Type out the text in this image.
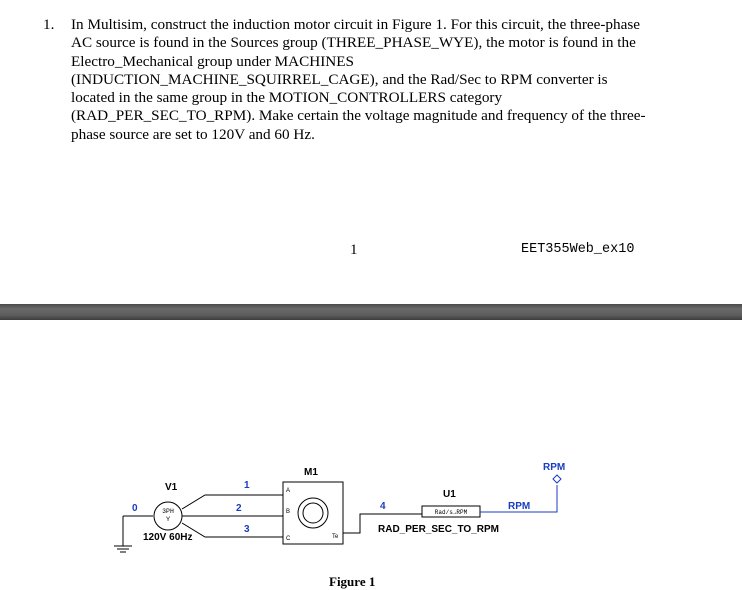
1. In Multisim, construct the induction motor circuit in Figure 1. For this circuit, the three-phase AC source is found in the Sources group (THREE_PHASE_WYE), the motor is found in the Electro_Mechanical group under MACHINES (INDUCTION_MACHINE_SQUIRREL_CAGE), and the Rad/Sec to RPM converter is located in the same group in the MOTION_CONTROLLERS category (RAD_PER_SEC_TO_RPM). Make certain the voltage magnitude and frequency of the three-phase source are set to 120V and 60 Hz.

1	EET355Web_ex10
0	3PH
Y
V1
120V 60Hz
1
2
3
M1
A
B
C	Te
4
Rad/s→RPM
U1
RAD_PER_SEC_TO_RPM
RPM
RPM
Figure 1
